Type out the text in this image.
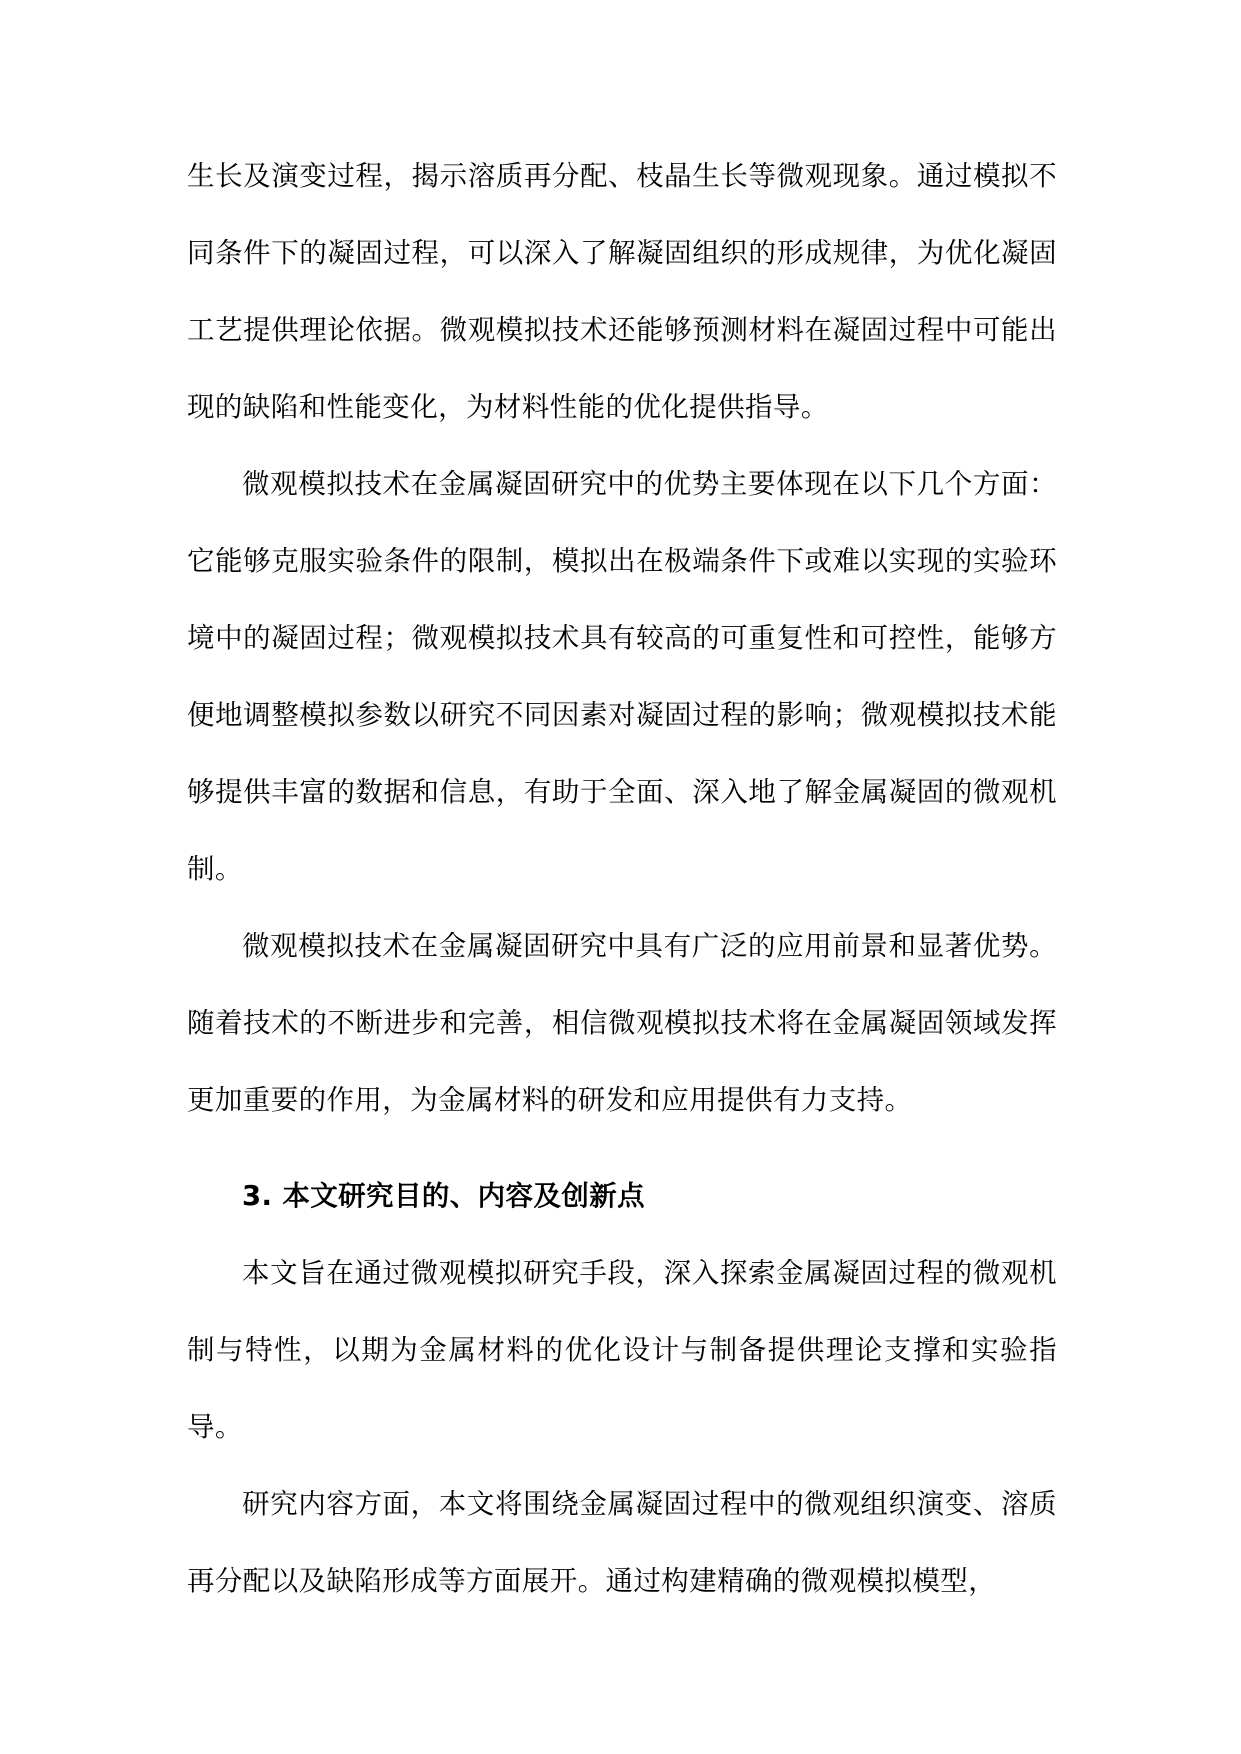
生长及演变过程，揭示溶质再分配、枝晶生长等微观现象。通过模拟不同条件下的凝固过程，可以深入了解凝固组织的形成规律，为优化凝固工艺提供理论依据。微观模拟技术还能够预测材料在凝固过程中可能出现的缺陷和性能变化，为材料性能的优化提供指导。

微观模拟技术在金属凝固研究中的优势主要体现在以下几个方面：它能够克服实验条件的限制，模拟出在极端条件下或难以实现的实验环境中的凝固过程；微观模拟技术具有较高的可重复性和可控性，能够方便地调整模拟参数以研究不同因素对凝固过程的影响；微观模拟技术能够提供丰富的数据和信息，有助于全面、深入地了解金属凝固的微观机制。

微观模拟技术在金属凝固研究中具有广泛的应用前景和显著优势。随着技术的不断进步和完善，相信微观模拟技术将在金属凝固领域发挥更加重要的作用，为金属材料的研发和应用提供有力支持。

3. 本文研究目的、内容及创新点

本文旨在通过微观模拟研究手段，深入探索金属凝固过程的微观机制与特性，以期为金属材料的优化设计与制备提供理论支撑和实验指导。

研究内容方面，本文将围绕金属凝固过程中的微观组织演变、溶质再分配以及缺陷形成等方面展开。通过构建精确的微观模拟模型，
